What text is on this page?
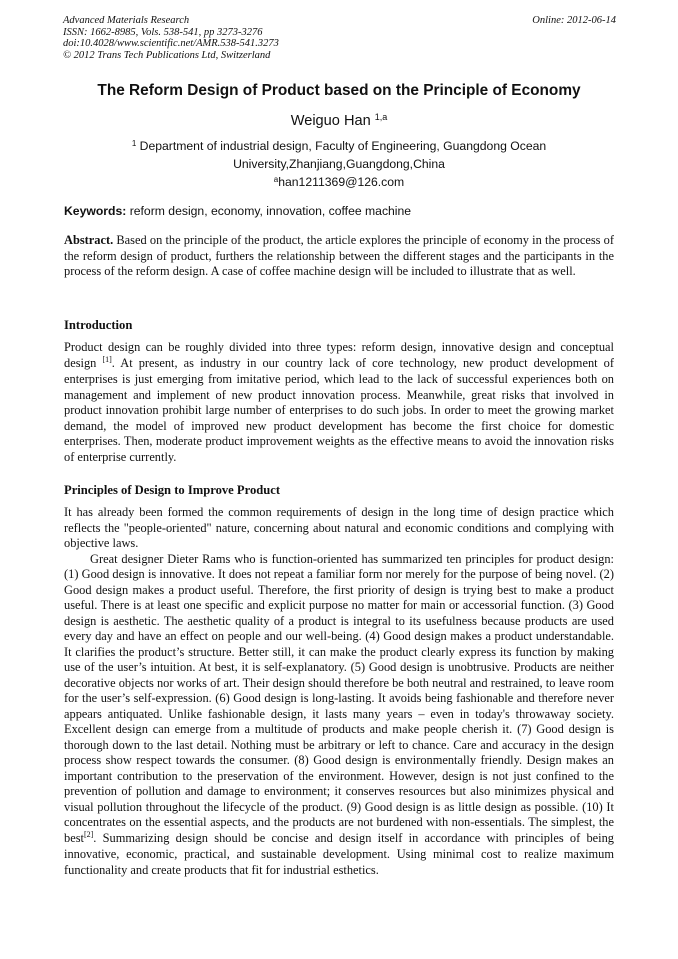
Advanced Materials Research
ISSN: 1662-8985, Vols. 538-541, pp 3273-3276
doi:10.4028/www.scientific.net/AMR.538-541.3273
© 2012 Trans Tech Publications Ltd, Switzerland
Online: 2012-06-14
The Reform Design of Product based on the Principle of Economy
Weiguo Han $^{1,a}$
$^1$ Department of industrial design, Faculty of Engineering, Guangdong Ocean University,Zhanjiang,Guangdong,China
$^a$han1211369@126.com
Keywords: reform design, economy, innovation, coffee machine

Abstract. Based on the principle of the product, the article explores the principle of economy in the process of the reform design of product, furthers the relationship between the different stages and the participants in the process of the reform design. A case of coffee machine design will be included to illustrate that as well.

Introduction

Product design can be roughly divided into three types: reform design, innovative design and conceptual design [1]. At present, as industry in our country lack of core technology, new product development of enterprises is just emerging from imitative period, which lead to the lack of successful experiences both on management and implement of new product innovation process. Meanwhile, great risks that involved in product innovation prohibit large number of enterprises to do such jobs. In order to meet the growing market demand, the model of improved new product development has become the first choice for domestic enterprises. Then, moderate product improvement weights as the effective means to avoid the innovation risks of enterprise currently.

Principles of Design to Improve Product

It has already been formed the common requirements of design in the long time of design practice which reflects the "people-oriented" nature, concerning about natural and economic conditions and complying with objective laws.

Great designer Dieter Rams who is function-oriented has summarized ten principles for product design: (1) Good design is innovative. It does not repeat a familiar form nor merely for the purpose of being novel. (2) Good design makes a product useful. Therefore, the first priority of design is trying best to make a product useful. There is at least one specific and explicit purpose no matter for main or accessorial function. (3) Good design is aesthetic. The aesthetic quality of a product is integral to its usefulness because products are used every day and have an effect on people and our well-being. (4) Good design makes a product understandable. It clarifies the product’s structure. Better still, it can make the product clearly express its function by making use of the user’s intuition. At best, it is self-explanatory. (5) Good design is unobtrusive. Products are neither decorative objects nor works of art. Their design should therefore be both neutral and restrained, to leave room for the user’s self-expression. (6) Good design is long-lasting. It avoids being fashionable and therefore never appears antiquated. Unlike fashionable design, it lasts many years – even in today's throwaway society. Excellent design can emerge from a multitude of products and make people cherish it. (7) Good design is thorough down to the last detail. Nothing must be arbitrary or left to chance. Care and accuracy in the design process show respect towards the consumer. (8) Good design is environmentally friendly. Design makes an important contribution to the preservation of the environment. However, design is not just confined to the prevention of pollution and damage to environment; it conserves resources but also minimizes physical and visual pollution throughout the lifecycle of the product. (9) Good design is as little design as possible. (10) It concentrates on the essential aspects, and the products are not burdened with non-essentials. The simplest, the best[2]. Summarizing design should be concise and design itself in accordance with principles of being innovative, economic, practical, and sustainable development. Using minimal cost to realize maximum functionality and create products that fit for industrial esthetics.
